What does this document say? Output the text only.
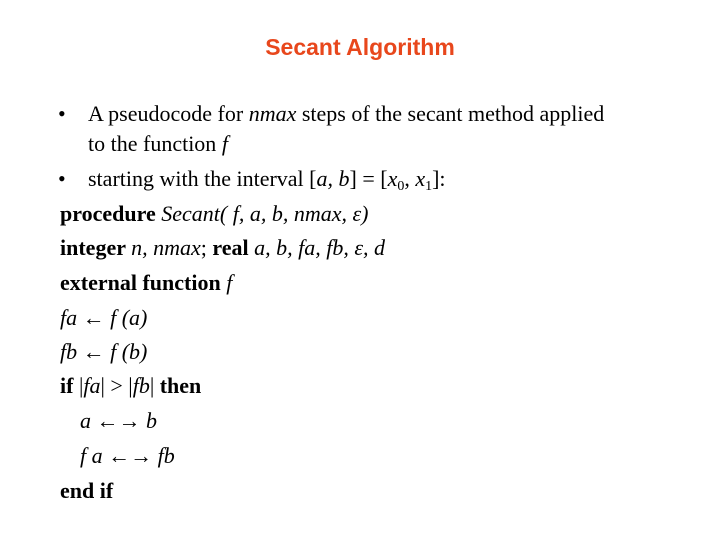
Secant Algorithm
• A pseudocode for nmax steps of the secant method applied
to the function f
• starting with the interval [a, $b] = [x_0$, $x_1$]:
procedure Secant( f, a, b, nmax, ε)
integer n, nmax; real a, b, fa, fb, ε, d
external function f
fa ← f (a)
fb ← f (b)
if |fa| > |fb| then
a ←→ b
f a ←→ fb
end if
